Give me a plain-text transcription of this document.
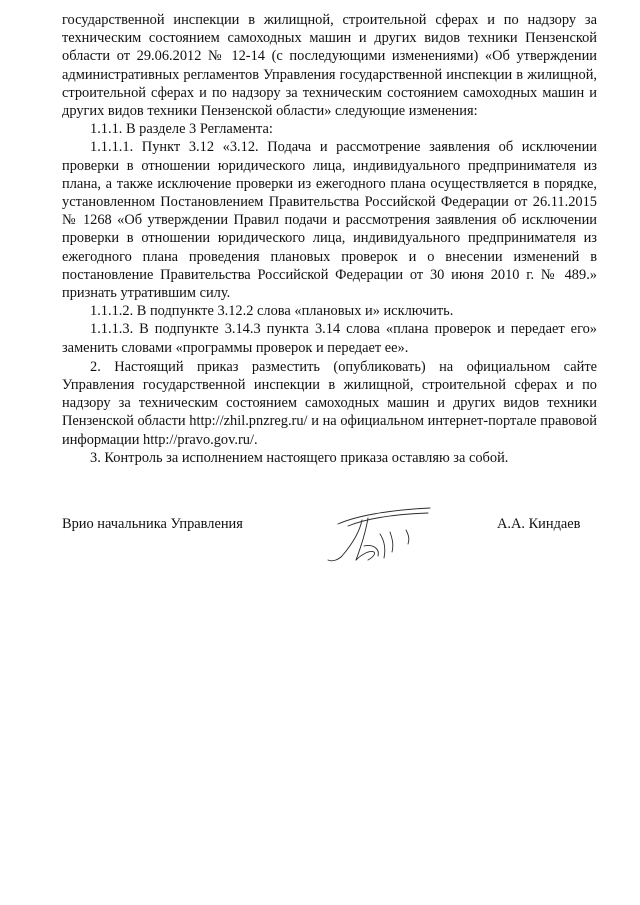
государственной инспекции в жилищной, строительной сферах и по надзору за техническим состоянием самоходных машин и других видов техники Пензенской области от 29.06.2012 № 12-14 (с последующими изменениями) «Об утверждении административных регламентов Управления государственной инспекции в жилищной, строительной сферах и по надзору за техническим состоянием самоходных машин и других видов техники Пензенской области» следующие изменения:

1.1.1. В разделе 3 Регламента:

1.1.1.1. Пункт 3.12 «3.12. Подача и рассмотрение заявления об исключении проверки в отношении юридического лица, индивидуального предпринимателя из плана, а также исключение проверки из ежегодного плана осуществляется в порядке, установленном Постановлением Правительства Российской Федерации от 26.11.2015 № 1268 «Об утверждении Правил подачи и рассмотрения заявления об исключении проверки в отношении юридического лица, индивидуального предпринимателя из ежегодного плана проведения плановых проверок и о внесении изменений в постановление Правительства Российской Федерации от 30 июня 2010 г. № 489.» признать утратившим силу.

1.1.1.2. В подпункте 3.12.2 слова «плановых и» исключить.

1.1.1.3. В подпункте 3.14.3 пункта 3.14 слова «плана проверок и передает его» заменить словами «программы проверок и передает ее».

2. Настоящий приказ разместить (опубликовать) на официальном сайте Управления государственной инспекции в жилищной, строительной сферах и по надзору за техническим состоянием самоходных машин и других видов техники Пензенской области http://zhil.pnzreg.ru/ и на официальном интернет-портале правовой информации http://pravo.gov.ru/.

3. Контроль за исполнением настоящего приказа оставляю за собой.

Врио начальника Управления	А.А. Киндаев
